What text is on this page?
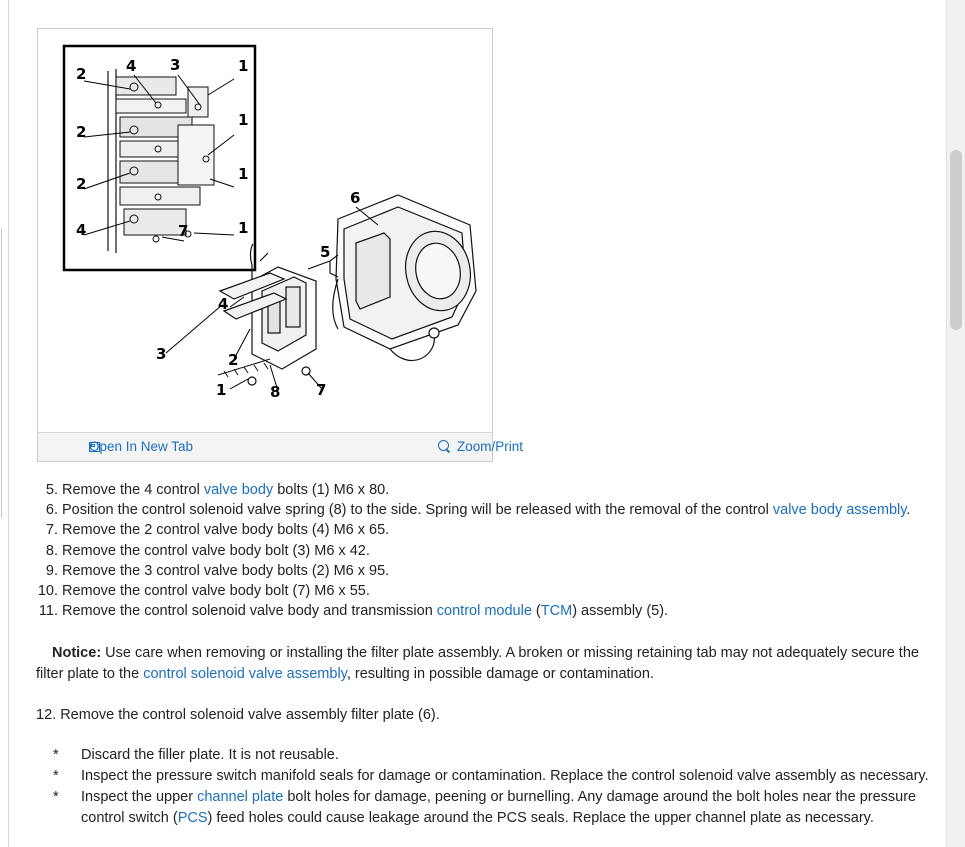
2	4 3	1
2
1
2
1
4	7	1
6
5
4
3	2
1	8 7
Open In New Tab	Zoom/Print
5. Remove the 4 control valve body bolts (1) M6 x 80.
6. Position the control solenoid valve spring (8) to the side. Spring will be released with the removal of the control valve body assembly.
7. Remove the 2 control valve body bolts (4) M6 x 65.
8. Remove the control valve body bolt (3) M6 x 42.
9. Remove the 3 control valve body bolts (2) M6 x 95.
10. Remove the control valve body bolt (7) M6 x 55.
11. Remove the control solenoid valve body and transmission control module (TCM) assembly (5).
Notice: Use care when removing or installing the filter plate assembly. A broken or missing retaining tab may not adequately secure the filter plate to the control solenoid valve assembly, resulting in possible damage or contamination.
12. Remove the control solenoid valve assembly filter plate (6).
* Discard the filler plate. It is not reusable.
* Inspect the pressure switch manifold seals for damage or contamination. Replace the control solenoid valve assembly as necessary.
* Inspect the upper channel plate bolt holes for damage, peening or burnelling. Any damage around the bolt holes near the pressure control switch (PCS) feed holes could cause leakage around the PCS seals. Replace the upper channel plate as necessary.
